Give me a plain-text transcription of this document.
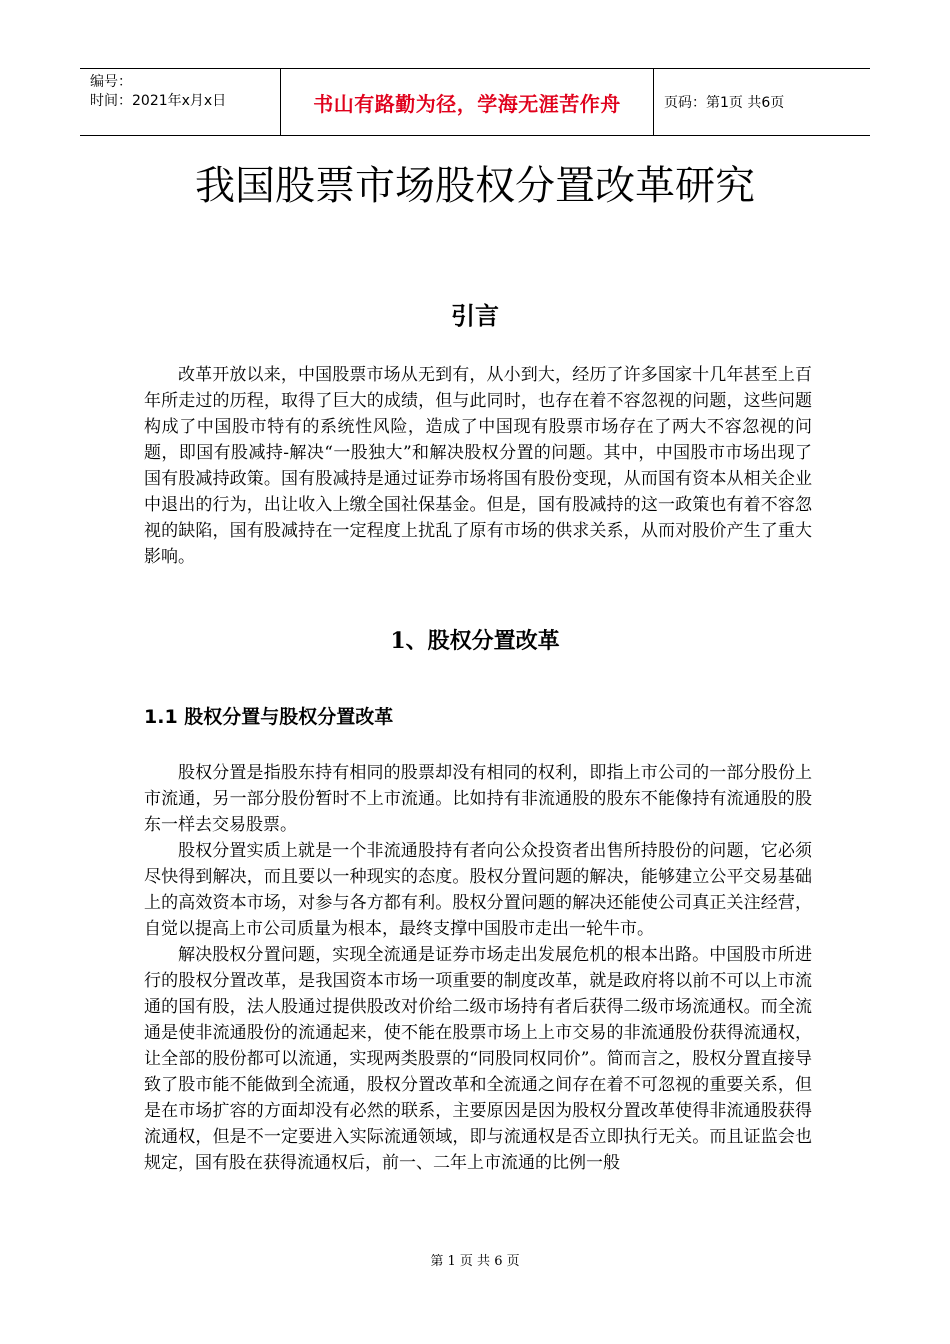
编号：
时间：2021年x月x日	书山有路勤为径，学海无涯苦作舟	页码：第1页 共6页
我国股票市场股权分置改革研究
引言

改革开放以来，中国股票市场从无到有，从小到大，经历了许多国家十几年甚至上百年所走过的历程，取得了巨大的成绩，但与此同时，也存在着不容忽视的问题，这些问题构成了中国股市特有的系统性风险，造成了中国现有股票市场存在了两大不容忽视的问题，即国有股减持-解决“一股独大”和解决股权分置的问题。其中，中国股市市场出现了国有股减持政策。国有股减持是通过证券市场将国有股份变现，从而国有资本从相关企业中退出的行为，出让收入上缴全国社保基金。但是，国有股减持的这一政策也有着不容忽视的缺陷，国有股减持在一定程度上扰乱了原有市场的供求关系，从而对股价产生了重大影响。

1、股权分置改革
1.1 股权分置与股权分置改革

股权分置是指股东持有相同的股票却没有相同的权利，即指上市公司的一部分股份上市流通，另一部分股份暂时不上市流通。比如持有非流通股的股东不能像持有流通股的股东一样去交易股票。

股权分置实质上就是一个非流通股持有者向公众投资者出售所持股份的问题，它必须尽快得到解决，而且要以一种现实的态度。股权分置问题的解决，能够建立公平交易基础上的高效资本市场，对参与各方都有利。股权分置问题的解决还能使公司真正关注经营，自觉以提高上市公司质量为根本，最终支撑中国股市走出一轮牛市。

解决股权分置问题，实现全流通是证券市场走出发展危机的根本出路。中国股市所进行的股权分置改革，是我国资本市场一项重要的制度改革，就是政府将以前不可以上市流通的国有股，法人股通过提供股改对价给二级市场持有者后获得二级市场流通权。而全流通是使非流通股份的流通起来，使不能在股票市场上上市交易的非流通股份获得流通权，让全部的股份都可以流通，实现两类股票的“同股同权同价”。简而言之，股权分置直接导致了股市能不能做到全流通，股权分置改革和全流通之间存在着不可忽视的重要关系，但是在市场扩容的方面却没有必然的联系，主要原因是因为股权分置改革使得非流通股获得流通权，但是不一定要进入实际流通领域，即与流通权是否立即执行无关。而且证监会也规定，国有股在获得流通权后，前一、二年上市流通的比例一般

第 1 页 共 6 页
